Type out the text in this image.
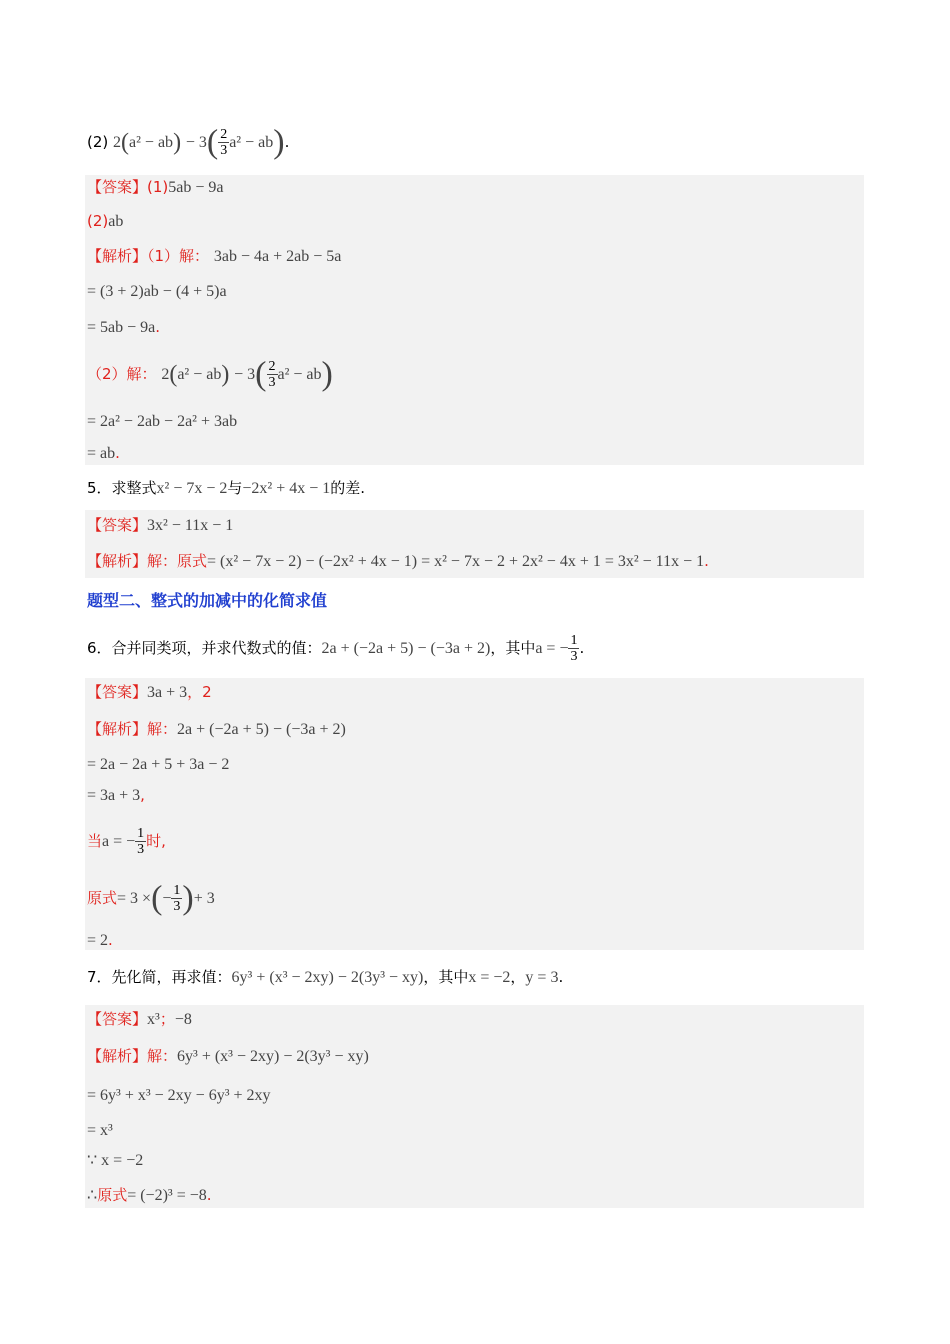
(2) $2(a^2 - ab) - 3( \frac{2}{3} a^2 - ab)$.
【答案】(1)5ab − 9a
(2)ab
【解析】（1）解： 3ab − 4a + 2ab − 5a
= (3 + 2)ab − (4 + 5)a
= 5ab − 9a.
（2）解： $2(a^2 - ab) - 3( \frac{2}{3} a^2 - ab)$
= 2a² − 2ab − 2a² + 3ab
= ab.
5．求整式x² − 7x − 2与−2x² + 4x − 1的差.
【答案】3x² − 11x − 1
【解析】解：原式= (x² − 7x − 2) − (−2x² + 4x − 1) = x² − 7x − 2 + 2x² − 4x + 1 = 3x² − 11x − 1.
题型二、整式的加减中的化简求值
6．合并同类项，并求代数式的值：2a + (−2a + 5) − (−3a + 2)，其中a = − $\frac{1}{3}$ .
【答案】3a + 3，2
【解析】解：2a + (−2a + 5) − (−3a + 2)
= 2a − 2a + 5 + 3a − 2
= 3a + 3,
当a = − $\frac{1}{3}$ 时,
原式= 3 ×(− $\frac{1}{3}$ )+ 3
= 2.
7．先化简，再求值：6y³ + (x³ − 2xy) − 2(3y³ − xy)，其中x = −2，y = 3.
【答案】x³；−8
【解析】解：6y³ + (x³ − 2xy) − 2(3y³ − xy)
= 6y³ + x³ − 2xy − 6y³ + 2xy
= x³
∵ x = −2
∴原式= (−2)³ = −8.
